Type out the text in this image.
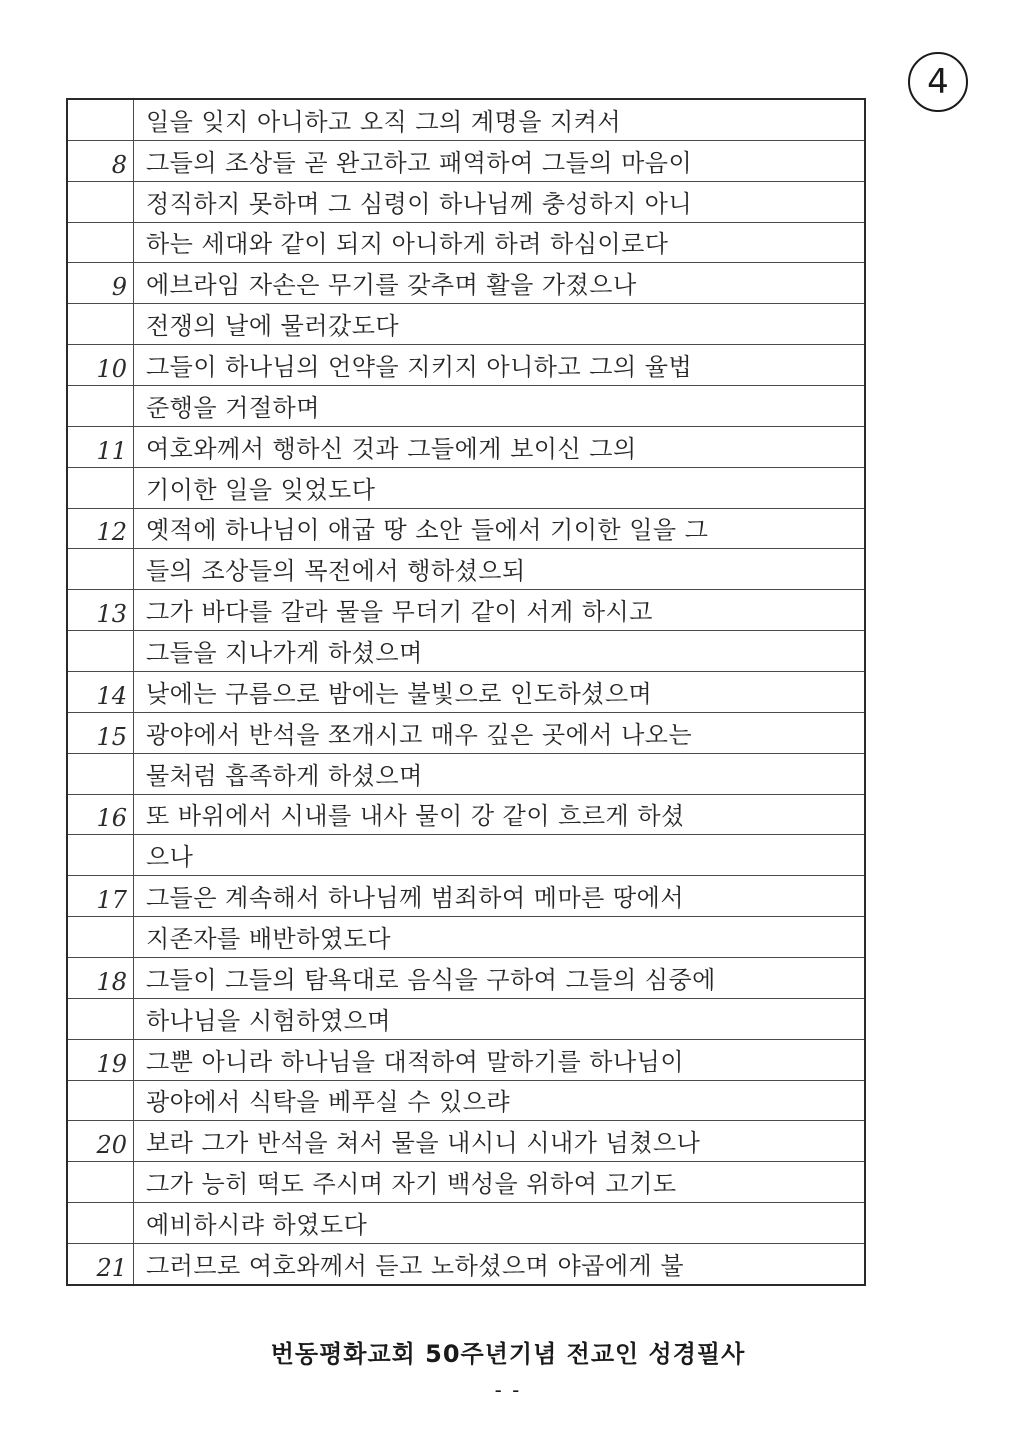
4
일을 잊지 아니하고 오직 그의 계명을 지켜서
8 그들의 조상들 곧 완고하고 패역하여 그들의 마음이
정직하지 못하며 그 심령이 하나님께 충성하지 아니
하는 세대와 같이 되지 아니하게 하려 하심이로다
9 에브라임 자손은 무기를 갖추며 활을 가졌으나
전쟁의 날에 물러갔도다
10 그들이 하나님의 언약을 지키지 아니하고 그의 율법
준행을 거절하며
11 여호와께서 행하신 것과 그들에게 보이신 그의
기이한 일을 잊었도다
12 옛적에 하나님이 애굽 땅 소안 들에서 기이한 일을 그
들의 조상들의 목전에서 행하셨으되
13 그가 바다를 갈라 물을 무더기 같이 서게 하시고
그들을 지나가게 하셨으며
14 낮에는 구름으로 밤에는 불빛으로 인도하셨으며
15 광야에서 반석을 쪼개시고 매우 깊은 곳에서 나오는
물처럼 흡족하게 하셨으며
16 또 바위에서 시내를 내사 물이 강 같이 흐르게 하셨
으나
17 그들은 계속해서 하나님께 범죄하여 메마른 땅에서
지존자를 배반하였도다
18 그들이 그들의 탐욕대로 음식을 구하여 그들의 심중에
하나님을 시험하였으며
19 그뿐 아니라 하나님을 대적하여 말하기를 하나님이
광야에서 식탁을 베푸실 수 있으랴
20 보라 그가 반석을 쳐서 물을 내시니 시내가 넘쳤으나
그가 능히 떡도 주시며 자기 백성을 위하여 고기도
예비하시랴 하였도다
21 그러므로 여호와께서 듣고 노하셨으며 야곱에게 불
번동평화교회 50주년기념 전교인 성경필사
- -
